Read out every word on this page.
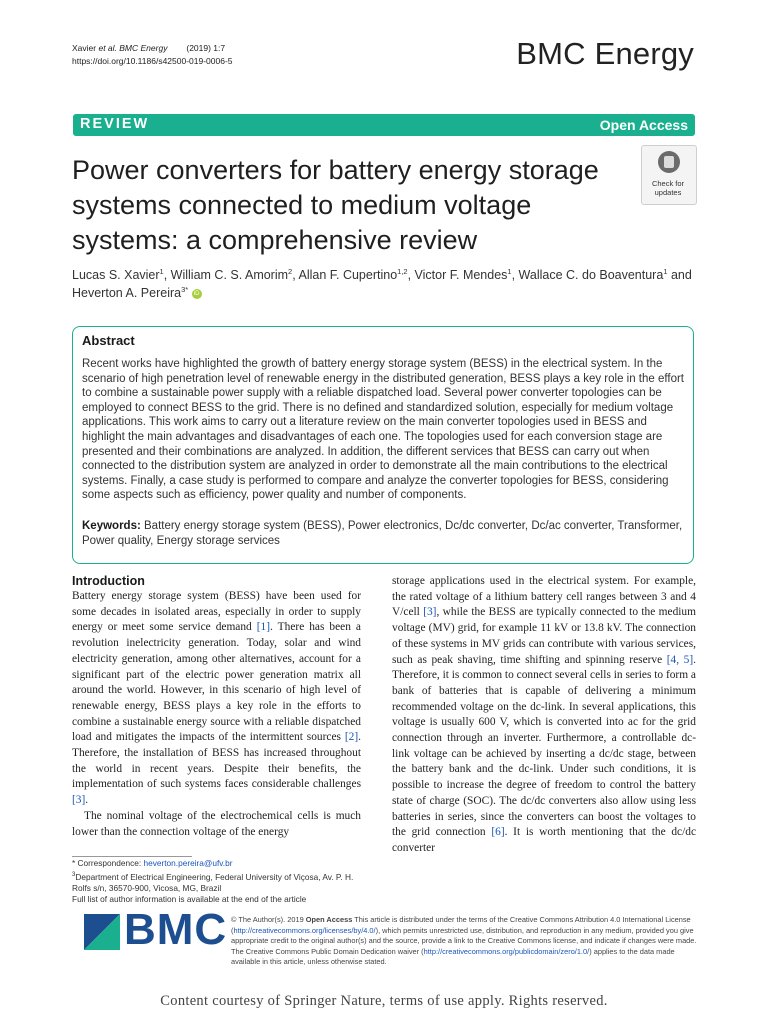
Xavier et al. BMC Energy (2019) 1:7
https://doi.org/10.1186/s42500-019-0006-5	BMC Energy
REVIEW	Open Access
Power converters for battery energy storage systems connected to medium voltage systems: a comprehensive review
Check for
updates
Lucas S. Xavier$^1$, William C. S. Amorim$^2$, Allan F. Cupertino$^{1,2}$, Victor F. Mendes$^1$, Wallace C. do Boaventura$^1$ and
Heverton A. Pereira$^{3*}$ iD
Abstract
Recent works have highlighted the growth of battery energy storage system (BESS) in the electrical system. In the scenario of high penetration level of renewable energy in the distributed generation, BESS plays a key role in the effort to combine a sustainable power supply with a reliable dispatched load. Several power converter topologies can be employed to connect BESS to the grid. There is no defined and standardized solution, especially for medium voltage applications. This work aims to carry out a literature review on the main converter topologies used in BESS and highlight the main advantages and disadvantages of each one. The topologies used for each conversion stage are presented and their combinations are analyzed. In addition, the different services that BESS can carry out when connected to the distribution system are analyzed in order to demonstrate all the main contributions to the electrical systems. Finally, a case study is performed to compare and analyze the converter topologies for BESS, considering some aspects such as efficiency, power quality and number of components.
Keywords: Battery energy storage system (BESS), Power electronics, Dc/dc converter, Dc/ac converter, Transformer, Power quality, Energy storage services
Introduction
Battery energy storage system (BESS) have been used for some decades in isolated areas, especially in order to supply energy or meet some service demand [1]. There has been a revolution inelectricity generation. Today, solar and wind electricity generation, among other alternatives, account for a significant part of the electric power generation matrix all around the world. However, in this scenario of high level of renewable energy, BESS plays a key role in the efforts to combine a sustainable energy source with a reliable dispatched load and mitigates the impacts of the intermittent sources [2]. Therefore, the installation of BESS has increased throughout the world in recent years. Despite their benefits, the implementation of such systems faces considerable challenges [3].
The nominal voltage of the electrochemical cells is much lower than the connection voltage of the energy
storage applications used in the electrical system. For example, the rated voltage of a lithium battery cell ranges between 3 and 4 V/cell [3], while the BESS are typically connected to the medium voltage (MV) grid, for example 11 kV or 13.8 kV. The connection of these systems in MV grids can contribute with various services, such as peak shaving, time shifting and spinning reserve [4, 5]. Therefore, it is common to connect several cells in series to form a bank of batteries that is capable of delivering a minimum recommended voltage on the dc-link. In several applications, this voltage is usually 600 V, which is converted into ac for the grid connection through an inverter. Furthermore, a controllable dc-link voltage can be achieved by inserting a dc/dc stage, between the battery bank and the dc-link. Under such conditions, it is possible to increase the degree of freedom to control the battery state of charge (SOC). The dc/dc converters also allow using less batteries in series, since the converters can boost the voltages to the grid connection [6]. It is worth mentioning that the dc/dc converter
* Correspondence: heverton.pereira@ufv.br
$^3$Department of Electrical Engineering, Federal University of Viçosa, Av. P. H. Rolfs s/n, 36570-900, Vicosa, MG, Brazil
Full list of author information is available at the end of the article
BMC © The Author(s). 2019 Open Access This article is distributed under the terms of the Creative Commons Attribution 4.0 International License (http://creativecommons.org/licenses/by/4.0/), which permits unrestricted use, distribution, and reproduction in any medium, provided you give appropriate credit to the original author(s) and the source, provide a link to the Creative Commons license, and indicate if changes were made. The Creative Commons Public Domain Dedication waiver (http://creativecommons.org/publicdomain/zero/1.0/) applies to the data made available in this article, unless otherwise stated.
Content courtesy of Springer Nature, terms of use apply. Rights reserved.
